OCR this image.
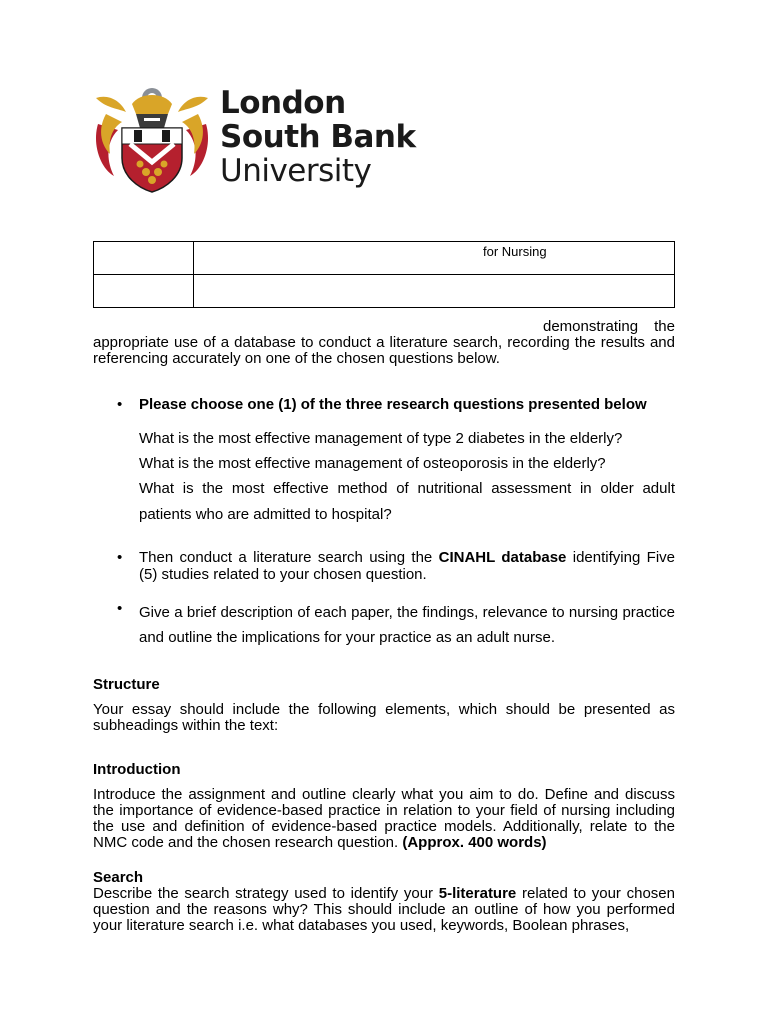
London
South Bank
University
	for Nursing

demonstrating the
appropriate use of a database to conduct a literature search, recording the results and referencing accurately on one of the chosen questions below.
• Please choose one (1) of the three research questions presented below
What is the most effective management of type 2 diabetes in the elderly?
What is the most effective management of osteoporosis in the elderly?
What is the most effective method of nutritional assessment in older adult patients who are admitted to hospital?
• Then conduct a literature search using the CINAHL database identifying Five (5) studies related to your chosen question.
• Give a brief description of each paper, the findings, relevance to nursing practice and outline the implications for your practice as an adult nurse.
Structure
Your essay should include the following elements, which should be presented as subheadings within the text:
Introduction
Introduce the assignment and outline clearly what you aim to do. Define and discuss the importance of evidence-based practice in relation to your field of nursing including the use and definition of evidence-based practice models. Additionally, relate to the NMC code and the chosen research question. (Approx. 400 words)
Search
Describe the search strategy used to identify your 5-literature related to your chosen question and the reasons why? This should include an outline of how you performed your literature search i.e. what databases you used, keywords, Boolean phrases,
